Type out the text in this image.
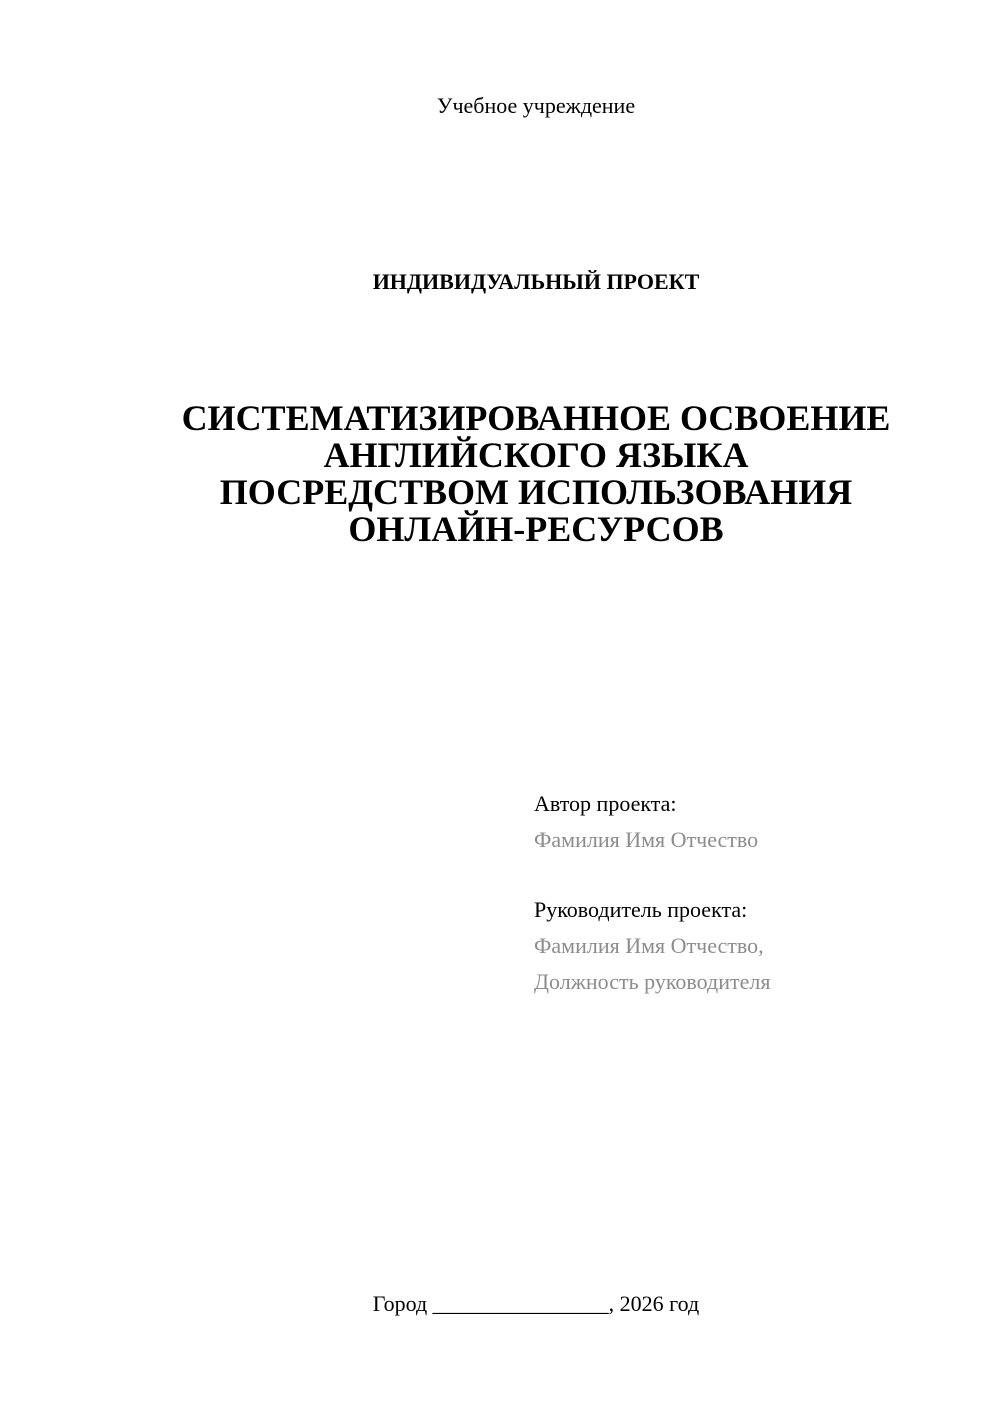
Учебное учреждение
ИНДИВИДУАЛЬНЫЙ ПРОЕКТ
СИСТЕМАТИЗИРОВАННОЕ ОСВОЕНИЕ
АНГЛИЙСКОГО ЯЗЫКА
ПОСРЕДСТВОМ ИСПОЛЬЗОВАНИЯ
ОНЛАЙН-РЕСУРСОВ
Автор проекта:
Фамилия Имя Отчество
Руководитель проекта:
Фамилия Имя Отчество,
Должность руководителя
Город ________________, 2026 год
